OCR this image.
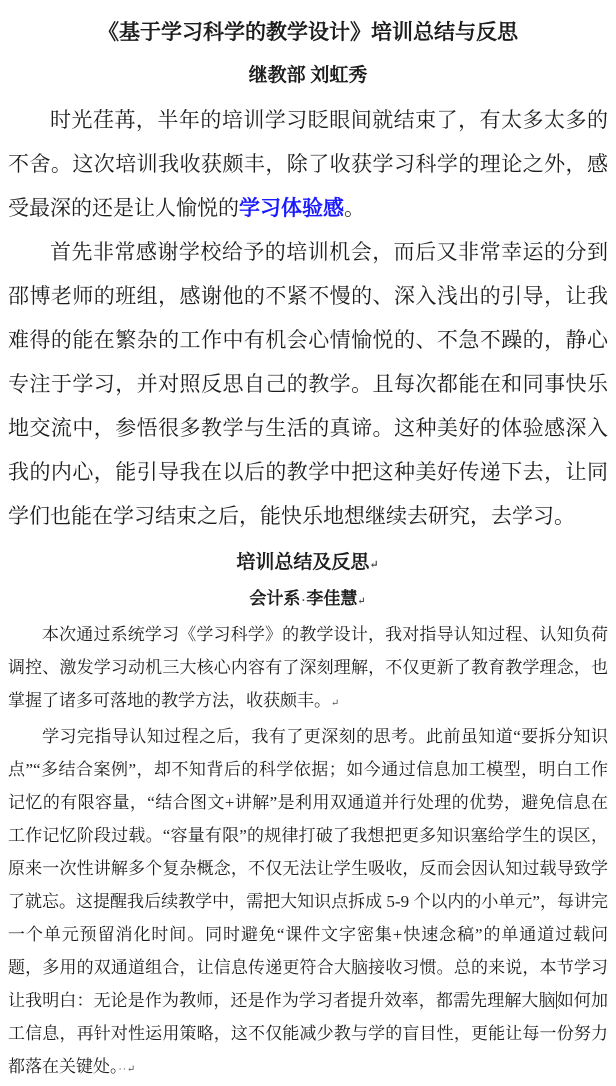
《基于学习科学的教学设计》培训总结与反思
继教部 刘虹秀

时光荏苒，半年的培训学习眨眼间就结束了，有太多太多的不舍。这次培训我收获颇丰，除了收获学习科学的理论之外，感受最深的还是让人愉悦的学习体验感。

首先非常感谢学校给予的培训机会，而后又非常幸运的分到邵博老师的班组，感谢他的不紧不慢的、深入浅出的引导，让我难得的能在繁杂的工作中有机会心情愉悦的、不急不躁的，静心专注于学习，并对照反思自己的教学。且每次都能在和同事快乐地交流中，参悟很多教学与生活的真谛。这种美好的体验感深入我的内心，能引导我在以后的教学中把这种美好传递下去，让同学们也能在学习结束之后，能快乐地想继续去研究，去学习。

培训总结及反思↵
会计系·李佳慧↵

本次通过系统学习《学习科学》的教学设计，我对指导认知过程、认知负荷调控、激发学习动机三大核心内容有了深刻理解，不仅更新了教育教学理念，也掌握了诸多可落地的教学方法，收获颇丰。↵

学习完指导认知过程之后，我有了更深刻的思考。此前虽知道“要拆分知识点”“多结合案例”，却不知背后的科学依据；如今通过信息加工模型，明白工作记忆的有限容量，“结合图文+讲解”是利用双通道并行处理的优势，避免信息在工作记忆阶段过载。“容量有限”的规律打破了我想把更多知识塞给学生的误区，原来一次性讲解多个复杂概念，不仅无法让学生吸收，反而会因认知过载导致学了就忘。这提醒我后续教学中，需把大知识点拆成 5-9 个以内的小单元”，每讲完一个单元预留消化时间。同时避免“课件文字密集+快速念稿”的单通道过载问题，多用的双通道组合，让信息传递更符合大脑接收习惯。总的来说，本节学习让我明白：无论是作为教师，还是作为学习者提升效率，都需先理解大脑如何加工信息，再针对性运用策略，这不仅能减少教与学的盲目性，更能让每一份努力都落在关键处。··↵
